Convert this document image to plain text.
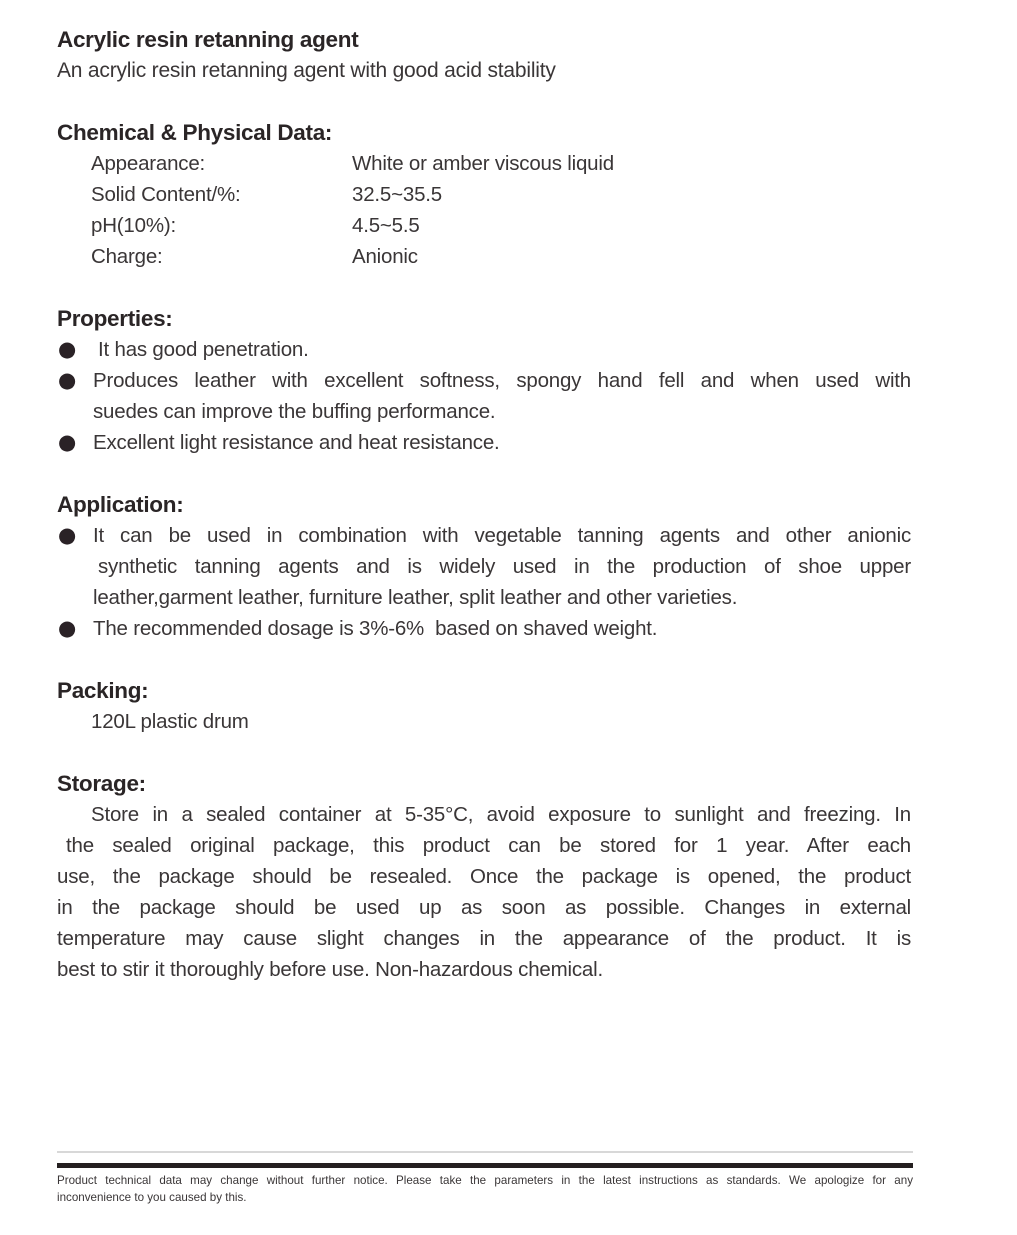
Acrylic resin retanning agent
An acrylic resin retanning agent with good acid stability
Chemical & Physical Data:
Appearance:	White or amber viscous liquid
Solid Content/%:	32.5~35.5
pH(10%):	4.5~5.5
Charge:	Anionic
Properties:
● It has good penetration.
● Produces leather with excellent softness, spongy hand fell and when used with
suedes can improve the buffing performance.
● Excellent light resistance and heat resistance.
Application:
● It can be used in combination with vegetable tanning agents and other anionic
synthetic tanning agents and is widely used in the production of shoe upper
leather,garment leather, furniture leather, split leather and other varieties.
● The recommended dosage is 3%-6%  based on shaved weight.
Packing:
120L plastic drum
Storage:
Store in a sealed container at 5-35°C, avoid exposure to sunlight and freezing. In
the sealed original package, this product can be stored for 1 year. After each
use, the package should be resealed. Once the package is opened, the product
in the package should be used up as soon as possible. Changes in external
temperature may cause slight changes in the appearance of the product. It is
best to stir it thoroughly before use. Non-hazardous chemical.
Product technical data may change without further notice. Please take the parameters in the latest instructions as standards. We apologize for any
inconvenience to you caused by this.
